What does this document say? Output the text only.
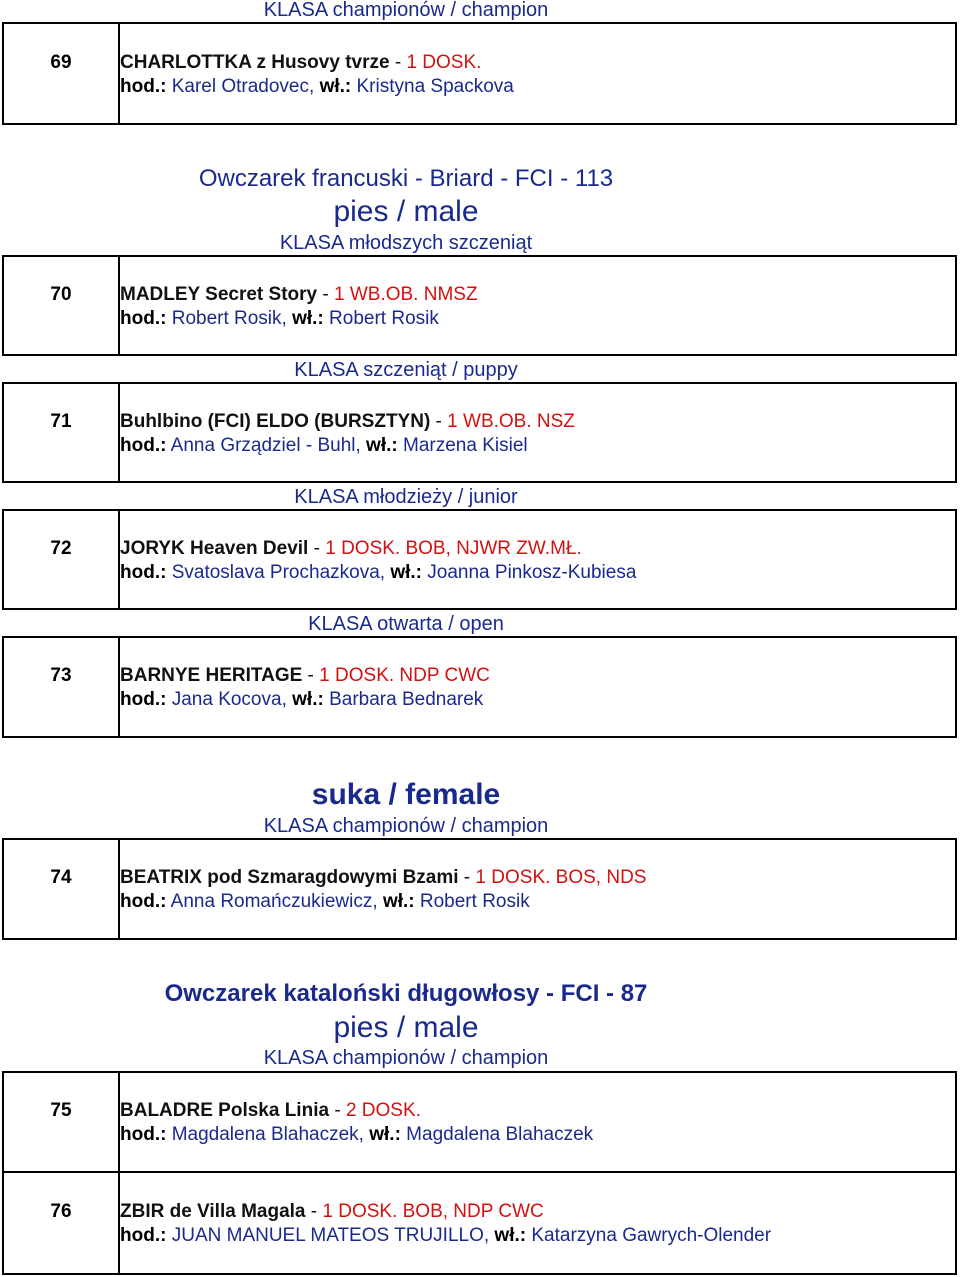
KLASA championów / champion
69	CHARLOTTKA z Husovy tvrze - 1 DOSK.
hod.: Karel Otradovec, wł.: Kristyna Spackova
Owczarek francuski - Briard - FCI - 113
pies / male
KLASA młodszych szczeniąt
70	MADLEY Secret Story - 1 WB.OB. NMSZ
hod.: Robert Rosik, wł.: Robert Rosik
KLASA szczeniąt / puppy
71	Buhlbino (FCI) ELDO (BURSZTYN) - 1 WB.OB. NSZ
hod.: Anna Grządziel - Buhl, wł.: Marzena Kisiel
KLASA młodzieży / junior
72	JORYK Heaven Devil - 1 DOSK. BOB, NJWR ZW.MŁ.
hod.: Svatoslava Prochazkova, wł.: Joanna Pinkosz-Kubiesa
KLASA otwarta / open
73	BARNYE HERITAGE - 1 DOSK. NDP CWC
hod.: Jana Kocova, wł.: Barbara Bednarek
suka / female
KLASA championów / champion
74	BEATRIX pod Szmaragdowymi Bzami - 1 DOSK. BOS, NDS
hod.: Anna Romańczukiewicz, wł.: Robert Rosik
Owczarek kataloński długowłosy - FCI - 87
pies / male
KLASA championów / champion
75	BALADRE Polska Linia - 2 DOSK.
hod.: Magdalena Blahaczek, wł.: Magdalena Blahaczek
76	ZBIR de Villa Magala - 1 DOSK. BOB, NDP CWC
hod.: JUAN MANUEL MATEOS TRUJILLO, wł.: Katarzyna Gawrych-Olender
